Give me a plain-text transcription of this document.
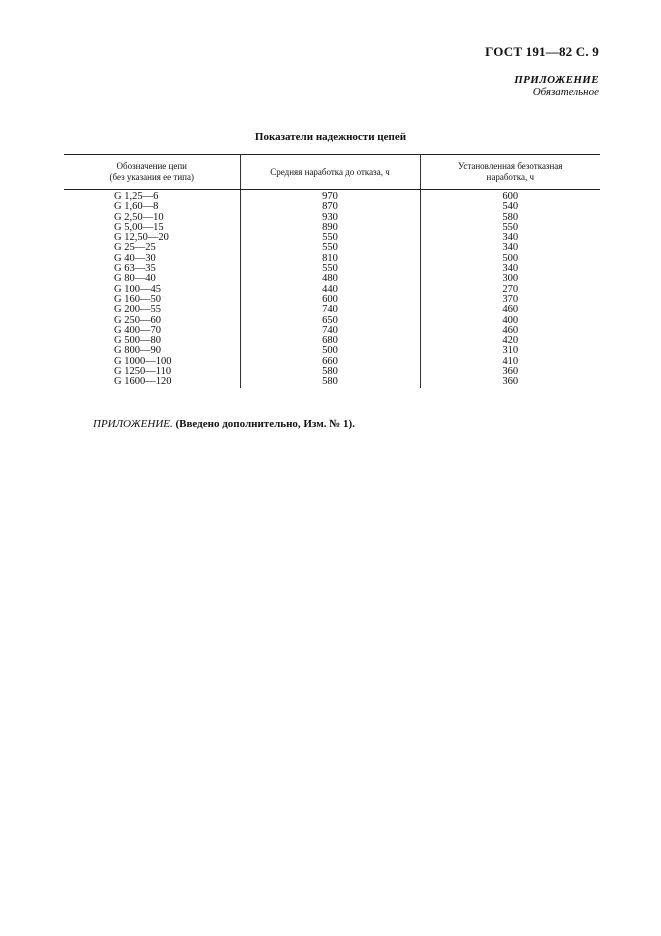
ГОСТ 191—82 С. 9
ПРИЛОЖЕНИЕ
Обязательное
Показатели надежности цепей
Обозначение цепи
(без указания ее типа)	Средняя наработка до отказа, ч	Установленная безотказная
наработка, ч
G 1,25—6	970	600
G 1,60—8	870	540
G 2,50—10	930	580
G 5,00—15	890	550
G 12,50—20	550	340
G 25—25	550	340
G 40—30	810	500
G 63—35	550	340
G 80—40	480	300
G 100—45	440	270
G 160—50	600	370
G 200—55	740	460
G 250—60	650	400
G 400—70	740	460
G 500—80	680	420
G 800—90	500	310
G 1000—100	660	410
G 1250—110	580	360
G 1600—120	580	360
ПРИЛОЖЕНИЕ. (Введено дополнительно, Изм. № 1).
